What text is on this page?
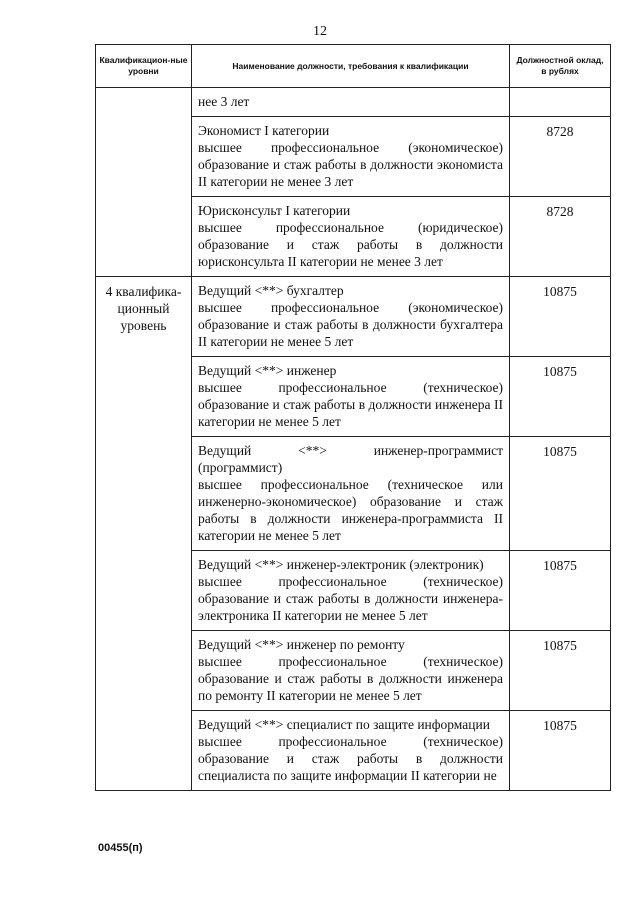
12
Квалификацион-ные уровни	Наименование должности, требования к квалификации	Должностной оклад, в рублях

	нее 3 лет	

	Экономист I категории
высшее профессиональное (экономическое) образование и стаж работы в должности экономиста II категории не менее 3 лет	8728

	Юрисконсульт I категории
высшее профессиональное (юридическое) образование и стаж работы в должности юрисконсульта II категории не менее 3 лет	8728
4 квалифика-ционный уровень	Ведущий <**> бухгалтер
высшее профессиональное (экономическое) образование и стаж работы в должности бухгалтера II категории не менее 5 лет	10875

	Ведущий <**> инженер
высшее профессиональное (техническое) образование и стаж работы в должности инженера II категории не менее 5 лет	10875

	Ведущий <**> инженер-программист (программист)
высшее профессиональное (техническое или инженерно-экономическое) образование и стаж работы в должности инженера-программиста II категории не менее 5 лет	10875

	Ведущий <**> инженер-электроник (электроник)
высшее профессиональное (техническое) образование и стаж работы в должности инженера-электроника II категории не менее 5 лет	10875

	Ведущий <**> инженер по ремонту
высшее профессиональное (техническое) образование и стаж работы в должности инженера по ремонту II категории не менее 5 лет	10875

	Ведущий <**> специалист по защите информации
высшее профессиональное (техническое) образование и стаж работы в должности специалиста по защите информации II категории не	10875
00455(п)
